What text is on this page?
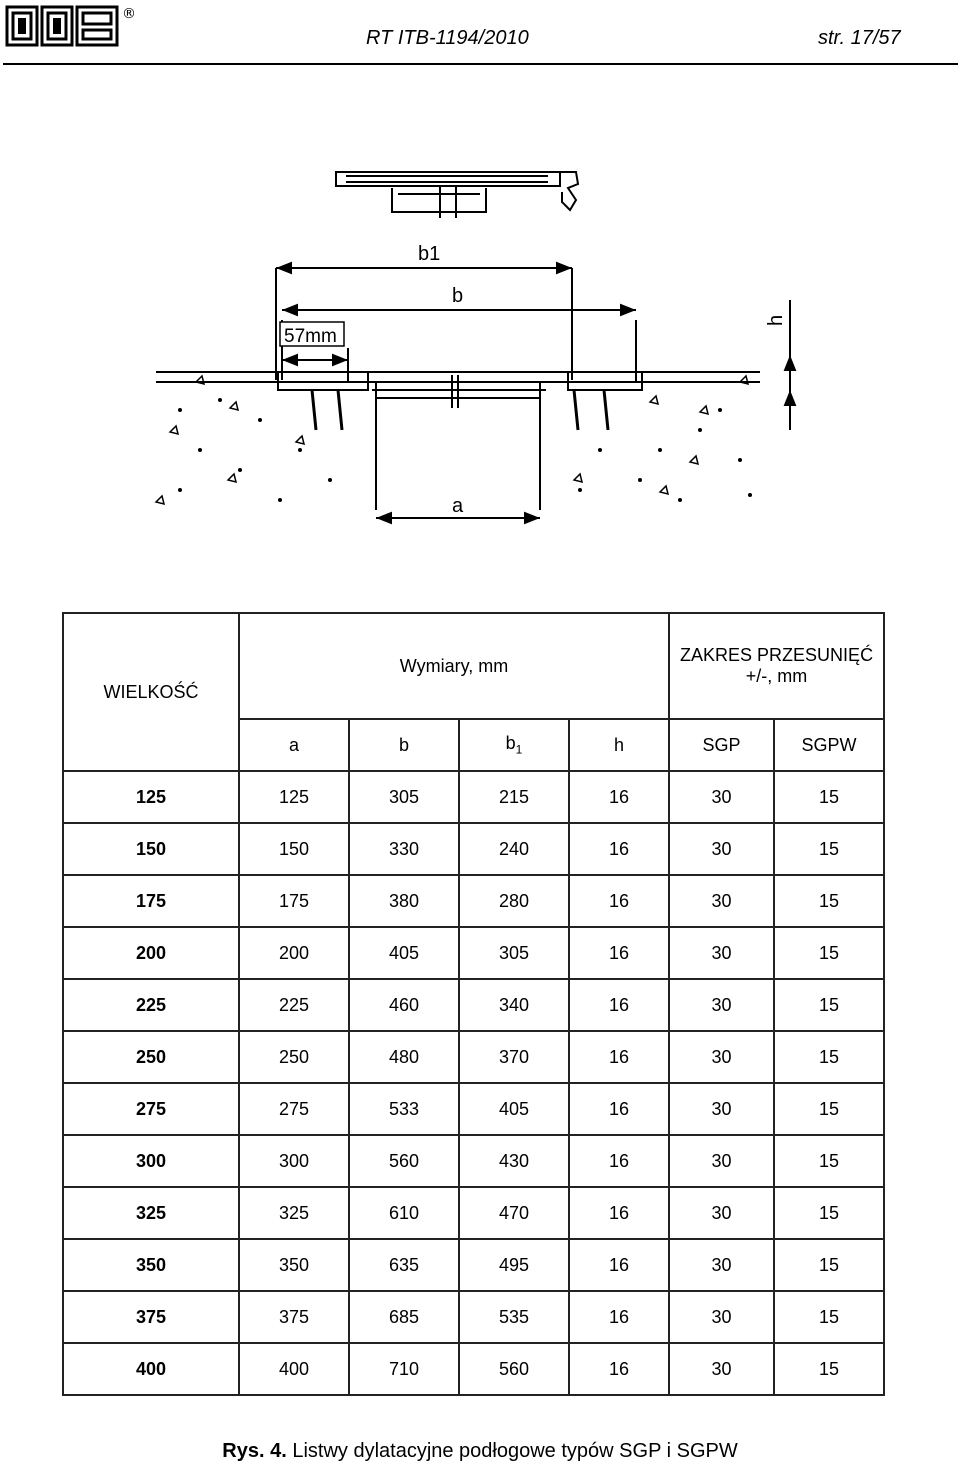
®
RT ITB-1194/2010	str. 17/57
b1
b
57mm
h
a
WIELKOŚĆ	Wymiary, mm				ZAKRES PRZESUNIĘĆ +/-, mm	
	a	b	$b_1$	h	SGP	SGPW
125	125	305	215	16	30	15
150	150	330	240	16	30	15
175	175	380	280	16	30	15
200	200	405	305	16	30	15
225	225	460	340	16	30	15
250	250	480	370	16	30	15
275	275	533	405	16	30	15
300	300	560	430	16	30	15
325	325	610	470	16	30	15
350	350	635	495	16	30	15
375	375	685	535	16	30	15
400	400	710	560	16	30	15
Rys. 4. Listwy dylatacyjne podłogowe typów SGP i SGPW
